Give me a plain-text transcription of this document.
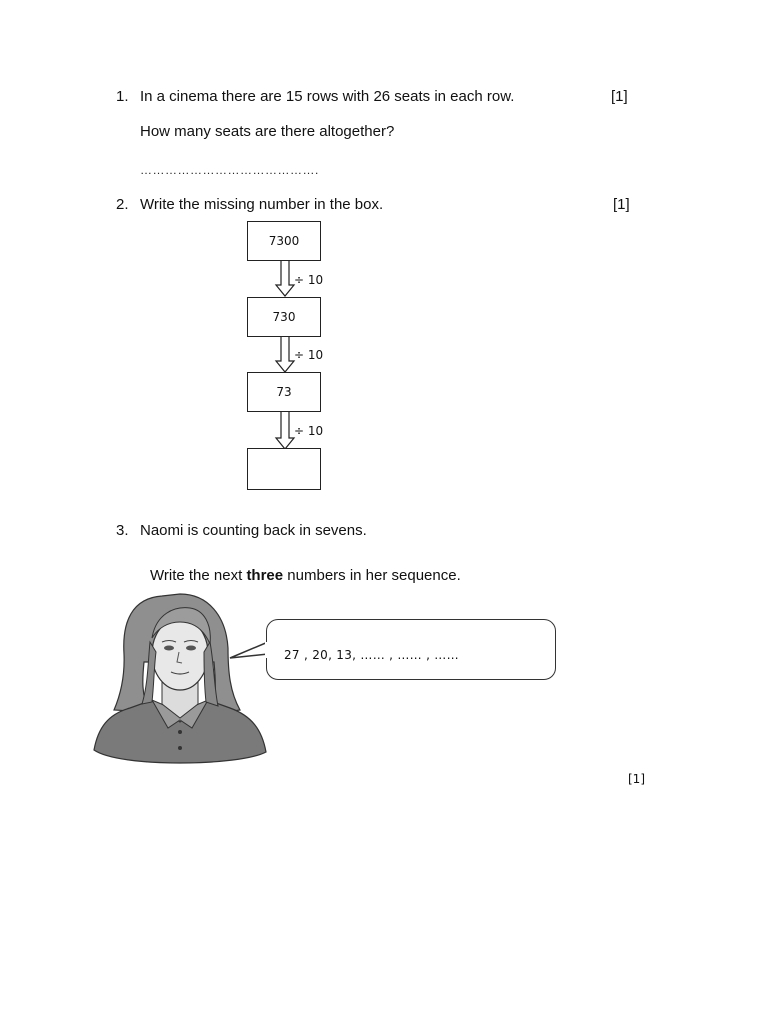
1. In a cinema there are 15 rows with 26 seats in each row.	[1]
How many seats are there altogether?
…………………………………….
2. Write the missing number in the box.	[1]
7300
÷ 10
730
÷ 10
73
÷ 10
3. Naomi is counting back in sevens.
Write the next three numbers in her sequence.
27 , 20, 13, …… , …… , ……
[1]
